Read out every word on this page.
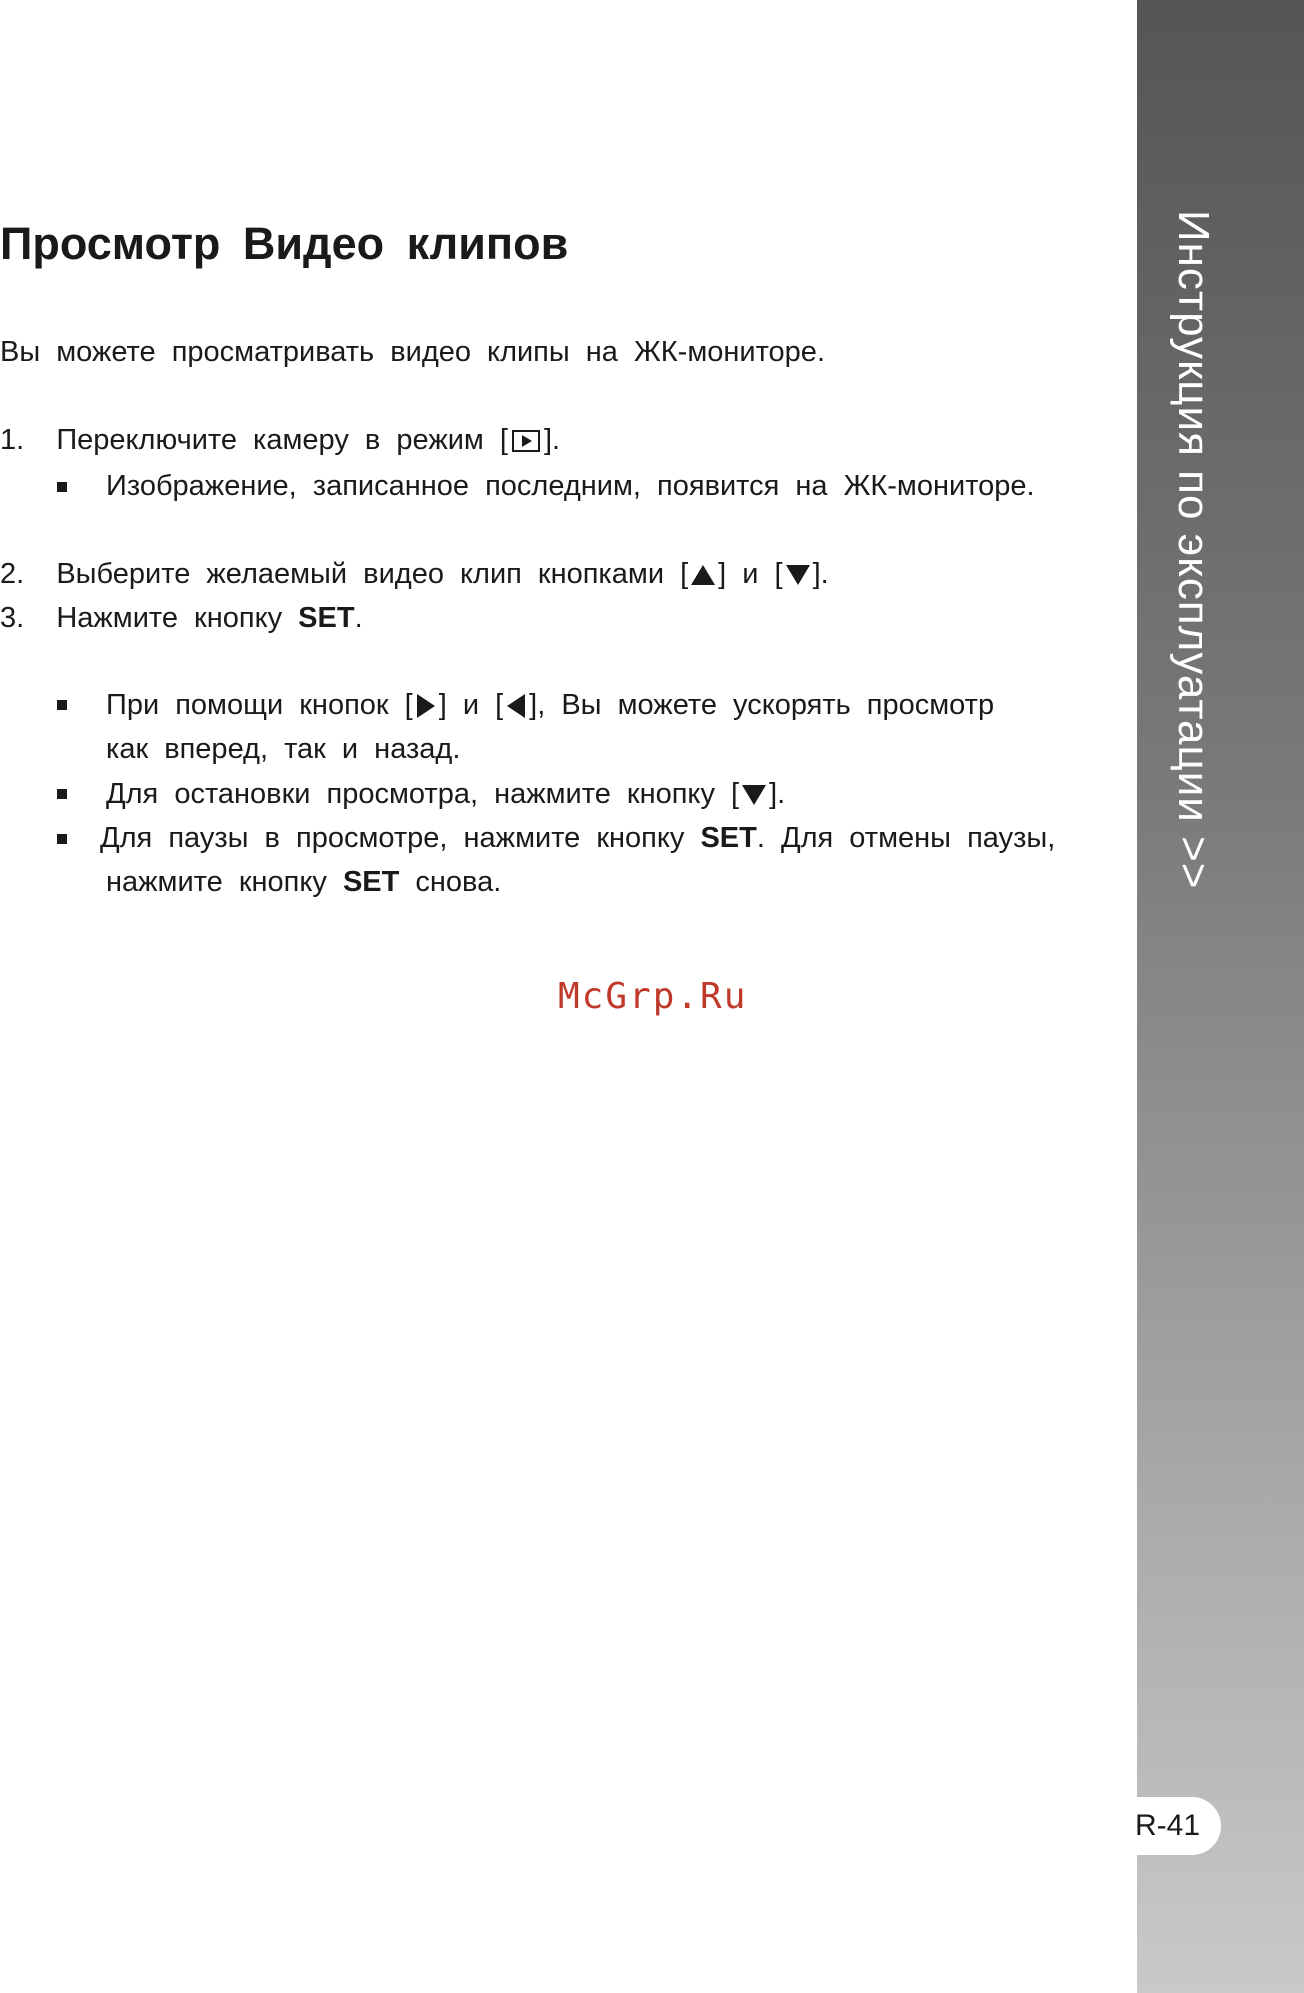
Инструкция по эксплуатации >>
R-41
Просмотр Видео клипов
Вы можете просматривать видео клипы на ЖК-мониторе.
1. Переключите камеру в режим [ ].
Изображение, записанное последним, появится на ЖК-мониторе.
2. Выберите желаемый видео клип кнопками [ ] и [ ].
3. Нажмите кнопку SET.
При помощи кнопок [ ] и [ ], Вы можете ускорять просмотр
как вперед, так и назад.
Для остановки просмотра, нажмите кнопку [ ].
Для паузы в просмотре, нажмите кнопку SET. Для отмены паузы,
нажмите кнопку SET снова.
McGrp.Ru
